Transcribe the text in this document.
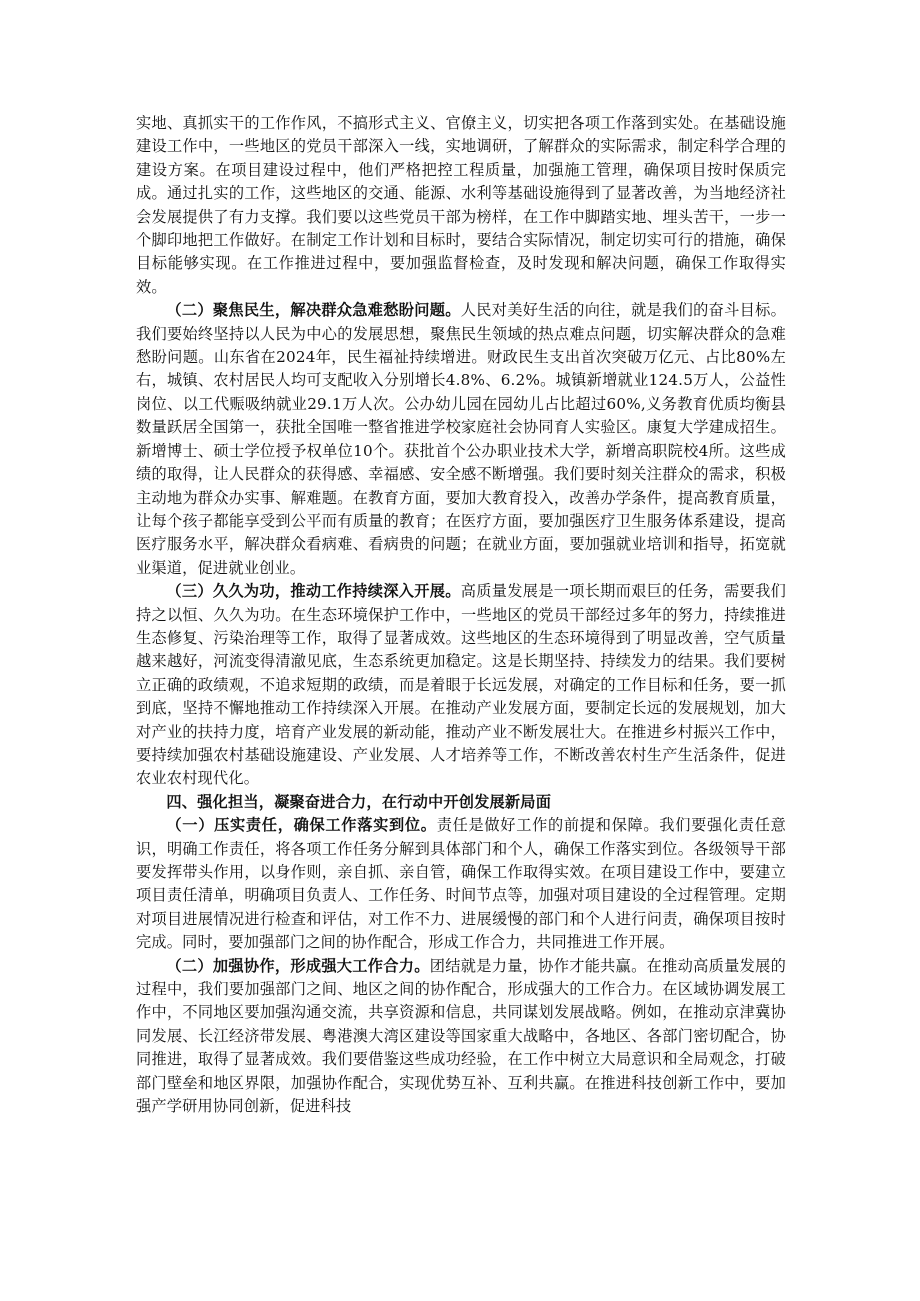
实地、真抓实干的工作作风，不搞形式主义、官僚主义，切实把各项工作落到实处。在基础设施建设工作中，一些地区的党员干部深入一线，实地调研，了解群众的实际需求，制定科学合理的建设方案。在项目建设过程中，他们严格把控工程质量，加强施工管理，确保项目按时保质完成。通过扎实的工作，这些地区的交通、能源、水利等基础设施得到了显著改善，为当地经济社会发展提供了有力支撑。我们要以这些党员干部为榜样，在工作中脚踏实地、埋头苦干，一步一个脚印地把工作做好。在制定工作计划和目标时，要结合实际情况，制定切实可行的措施，确保目标能够实现。在工作推进过程中，要加强监督检查，及时发现和解决问题，确保工作取得实效。

（二）聚焦民生，解决群众急难愁盼问题。人民对美好生活的向往，就是我们的奋斗目标。我们要始终坚持以人民为中心的发展思想，聚焦民生领域的热点难点问题，切实解决群众的急难愁盼问题。山东省在2024年，民生福祉持续增进。财政民生支出首次突破万亿元、占比80%左右，城镇、农村居民人均可支配收入分别增长4.8%、6.2%。城镇新增就业124.5万人，公益性岗位、以工代赈吸纳就业29.1万人次。公办幼儿园在园幼儿占比超过60%,义务教育优质均衡县数量跃居全国第一，获批全国唯一整省推进学校家庭社会协同育人实验区。康复大学建成招生。新增博士、硕士学位授予权单位10个。获批首个公办职业技术大学，新增高职院校4所。这些成绩的取得，让人民群众的获得感、幸福感、安全感不断增强。我们要时刻关注群众的需求，积极主动地为群众办实事、解难题。在教育方面，要加大教育投入，改善办学条件，提高教育质量，让每个孩子都能享受到公平而有质量的教育；在医疗方面，要加强医疗卫生服务体系建设，提高医疗服务水平，解决群众看病难、看病贵的问题；在就业方面，要加强就业培训和指导，拓宽就业渠道，促进就业创业。

（三）久久为功，推动工作持续深入开展。高质量发展是一项长期而艰巨的任务，需要我们持之以恒、久久为功。在生态环境保护工作中，一些地区的党员干部经过多年的努力，持续推进生态修复、污染治理等工作，取得了显著成效。这些地区的生态环境得到了明显改善，空气质量越来越好，河流变得清澈见底，生态系统更加稳定。这是长期坚持、持续发力的结果。我们要树立正确的政绩观，不追求短期的政绩，而是着眼于长远发展，对确定的工作目标和任务，要一抓到底，坚持不懈地推动工作持续深入开展。在推动产业发展方面，要制定长远的发展规划，加大对产业的扶持力度，培育产业发展的新动能，推动产业不断发展壮大。在推进乡村振兴工作中，要持续加强农村基础设施建设、产业发展、人才培养等工作，不断改善农村生产生活条件，促进农业农村现代化。

四、强化担当，凝聚奋进合力，在行动中开创发展新局面

（一）压实责任，确保工作落实到位。责任是做好工作的前提和保障。我们要强化责任意识，明确工作责任，将各项工作任务分解到具体部门和个人，确保工作落实到位。各级领导干部要发挥带头作用，以身作则，亲自抓、亲自管，确保工作取得实效。在项目建设工作中，要建立项目责任清单，明确项目负责人、工作任务、时间节点等，加强对项目建设的全过程管理。定期对项目进展情况进行检查和评估，对工作不力、进展缓慢的部门和个人进行问责，确保项目按时完成。同时，要加强部门之间的协作配合，形成工作合力，共同推进工作开展。

（二）加强协作，形成强大工作合力。团结就是力量，协作才能共赢。在推动高质量发展的过程中，我们要加强部门之间、地区之间的协作配合，形成强大的工作合力。在区域协调发展工作中，不同地区要加强沟通交流，共享资源和信息，共同谋划发展战略。例如，在推动京津冀协同发展、长江经济带发展、粤港澳大湾区建设等国家重大战略中，各地区、各部门密切配合，协同推进，取得了显著成效。我们要借鉴这些成功经验，在工作中树立大局意识和全局观念，打破部门壁垒和地区界限，加强协作配合，实现优势互补、互利共赢。在推进科技创新工作中，要加强产学研用协同创新，促进科技
